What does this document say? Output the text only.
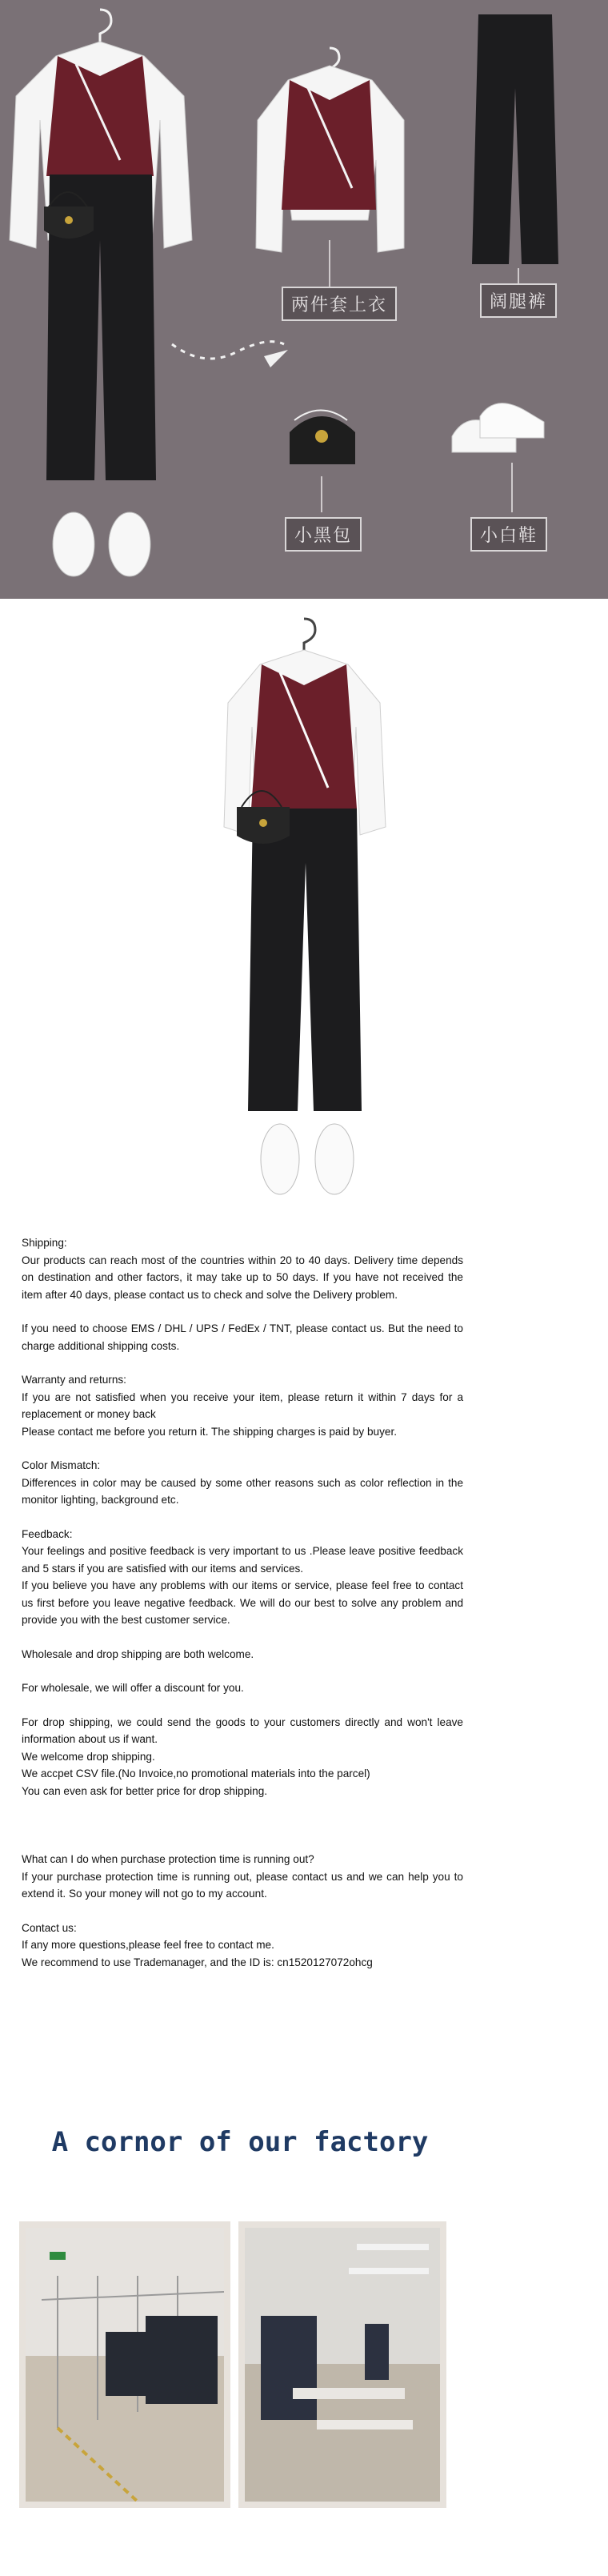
两件套上衣	阔腿裤
小黑包	小白鞋

Shipping:

Our products can reach most of the countries within 20 to 40 days. Delivery time depends on destination and other factors, it may take up to 50 days. If you have not received the item after 40 days, please contact us to check and solve the Delivery problem.

If you need to choose EMS / DHL / UPS / FedEx / TNT, please contact us. But the need to charge additional shipping costs.

Warranty and returns:

If you are not satisfied when you receive your item, please return it within 7 days for a replacement or money back

Please contact me before you return it. The shipping charges is paid by buyer.

Color Mismatch:

Differences in color may be caused by some other reasons such as color reflection in the monitor lighting, background etc.

Feedback:

Your feelings and positive feedback is very important to us .Please leave positive feedback and 5 stars if you are satisfied with our items and services.

If you believe you have any problems with our items or service, please feel free to contact us first before you leave negative feedback. We will do our best to solve any problem and provide you with the best customer service.

Wholesale and drop shipping are both welcome.

For wholesale, we will offer a discount for you.

For drop shipping, we could send the goods to your customers directly and won't leave information about us if want.

We welcome drop shipping.

We accpet CSV file.(No Invoice,no promotional materials into the parcel)

You can even ask for better price for drop shipping.

What can I do when purchase protection time is running out?

If your purchase protection time is running out, please contact us and we can help you to extend it. So your money will not go to my account.

Contact us:

If any more questions,please feel free to contact me.

We recommend to use Trademanager, and the ID is: cn1520127072ohcg

A cornor of our factory
